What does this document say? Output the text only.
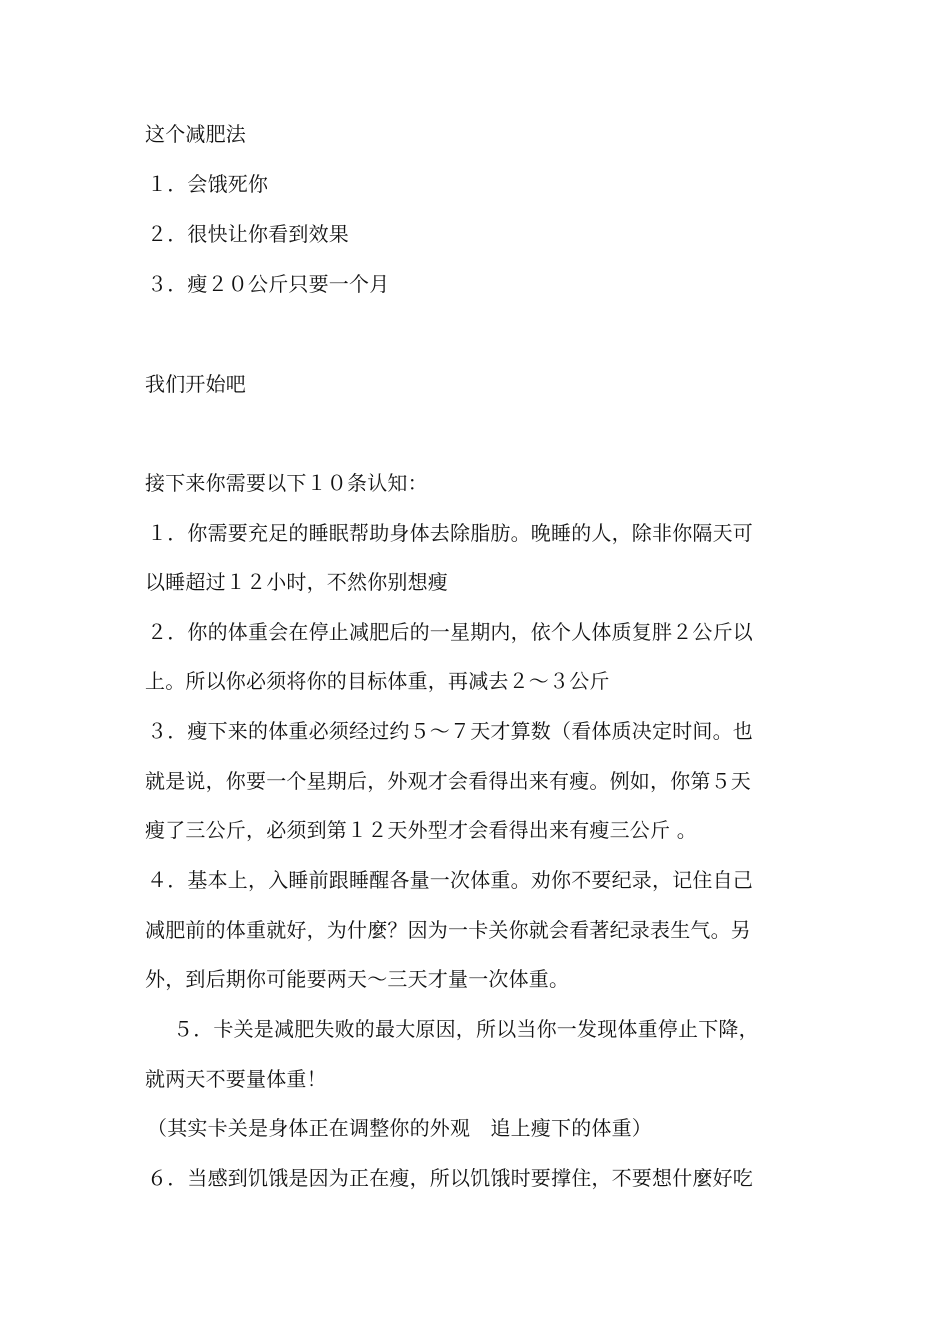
这个减肥法
１．会饿死你
２．很快让你看到效果
３．瘦２０公斤只要一个月
我们开始吧
接下来你需要以下１０条认知：
１．你需要充足的睡眠帮助身体去除脂肪。晚睡的人，除非你隔天可
以睡超过１２小时，不然你别想瘦
２．你的体重会在停止减肥后的一星期内，依个人体质复胖２公斤以
上。所以你必须将你的目标体重，再减去２～３公斤
３．瘦下来的体重必须经过约５～７天才算数（看体质决定时间。也
就是说，你要一个星期后，外观才会看得出来有瘦。例如，你第５天
瘦了三公斤，必须到第１２天外型才会看得出来有瘦三公斤 。
４．基本上，入睡前跟睡醒各量一次体重。劝你不要纪录，记住自己
减肥前的体重就好，为什麼？因为一卡关你就会看著纪录表生气。另
外，到后期你可能要两天～三天才量一次体重。
５．卡关是减肥失败的最大原因，所以当你一发现体重停止下降，
就两天不要量体重！
（其实卡关是身体正在调整你的外观　追上瘦下的体重）
６．当感到饥饿是因为正在瘦，所以饥饿时要撑住，不要想什麼好吃
